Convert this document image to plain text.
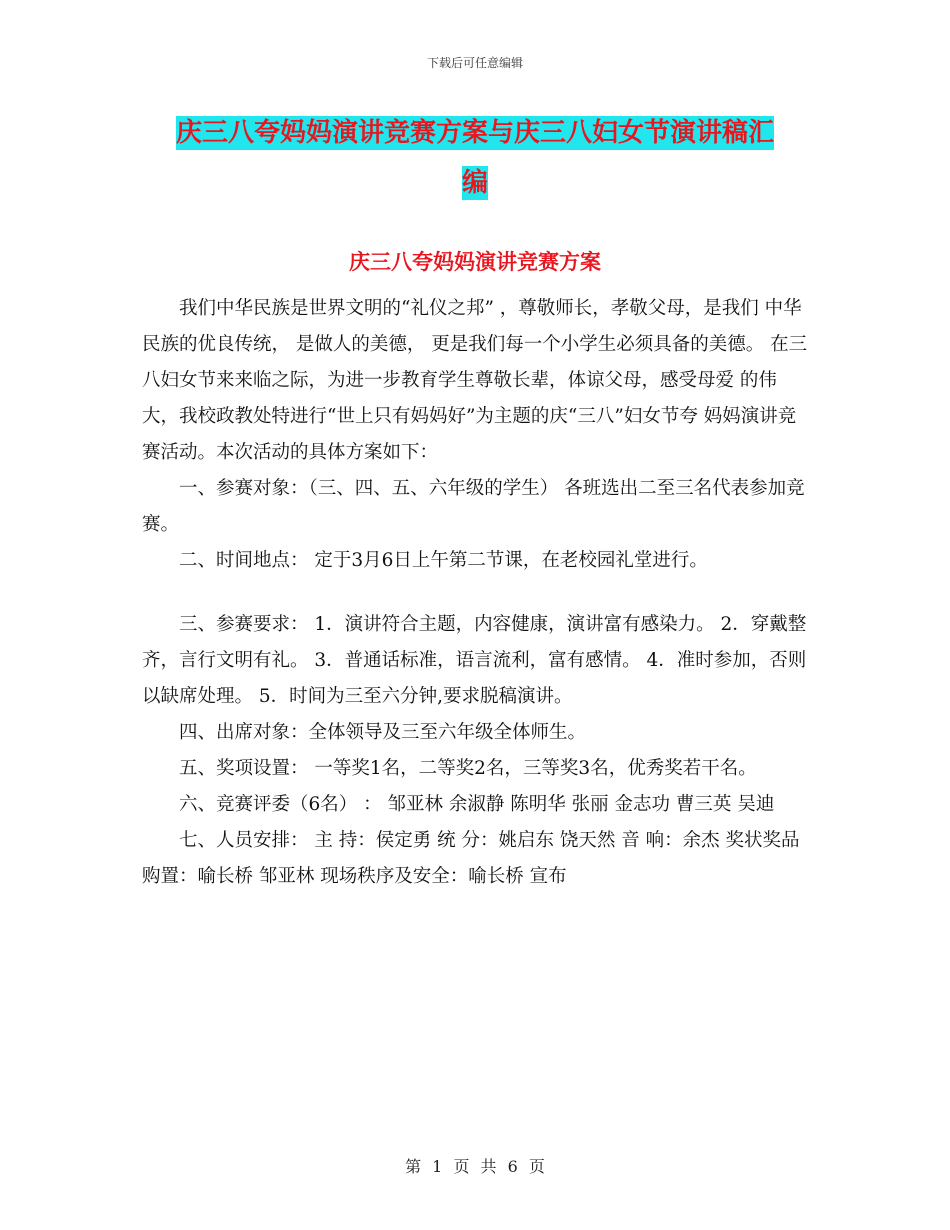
下载后可任意编辑
庆三八夸妈妈演讲竞赛方案与庆三八妇女节演讲稿汇
编
庆三八夸妈妈演讲竞赛方案

我们中华民族是世界文明的“礼仪之邦” ，尊敬师长，孝敬父母，是我们 中华民族的优良传统， 是做人的美德， 更是我们每一个小学生必须具备的美德。 在三八妇女节来来临之际，为进一步教育学生尊敬长辈，体谅父母，感受母爱 的伟大，我校政教处特进行“世上只有妈妈好”为主题的庆“三八”妇女节夸 妈妈演讲竞赛活动。本次活动的具体方案如下：

一、参赛对象：（三、四、五、六年级的学生） 各班选出二至三名代表参加竞赛。

二、时间地点： 定于3月6日上午第二节课，在老校园礼堂进行。

三、参赛要求： 1．演讲符合主题，内容健康，演讲富有感染力。 2．穿戴整齐，言行文明有礼。 3．普通话标准，语言流利，富有感情。 4．准时参加，否则以缺席处理。 5．时间为三至六分钟,要求脱稿演讲。

四、出席对象：全体领导及三至六年级全体师生。

五、奖项设置： 一等奖1名，二等奖2名，三等奖3名，优秀奖若干名。

六、竞赛评委（6名） ： 邹亚林 余淑静 陈明华 张丽 金志功 曹三英 吴迪

七、人员安排： 主 持：侯定勇 统 分：姚启东 饶天然 音 响：余杰 奖状奖品购置：喻长桥 邹亚林 现场秩序及安全：喻长桥 宣布

第 1 页 共 6 页
